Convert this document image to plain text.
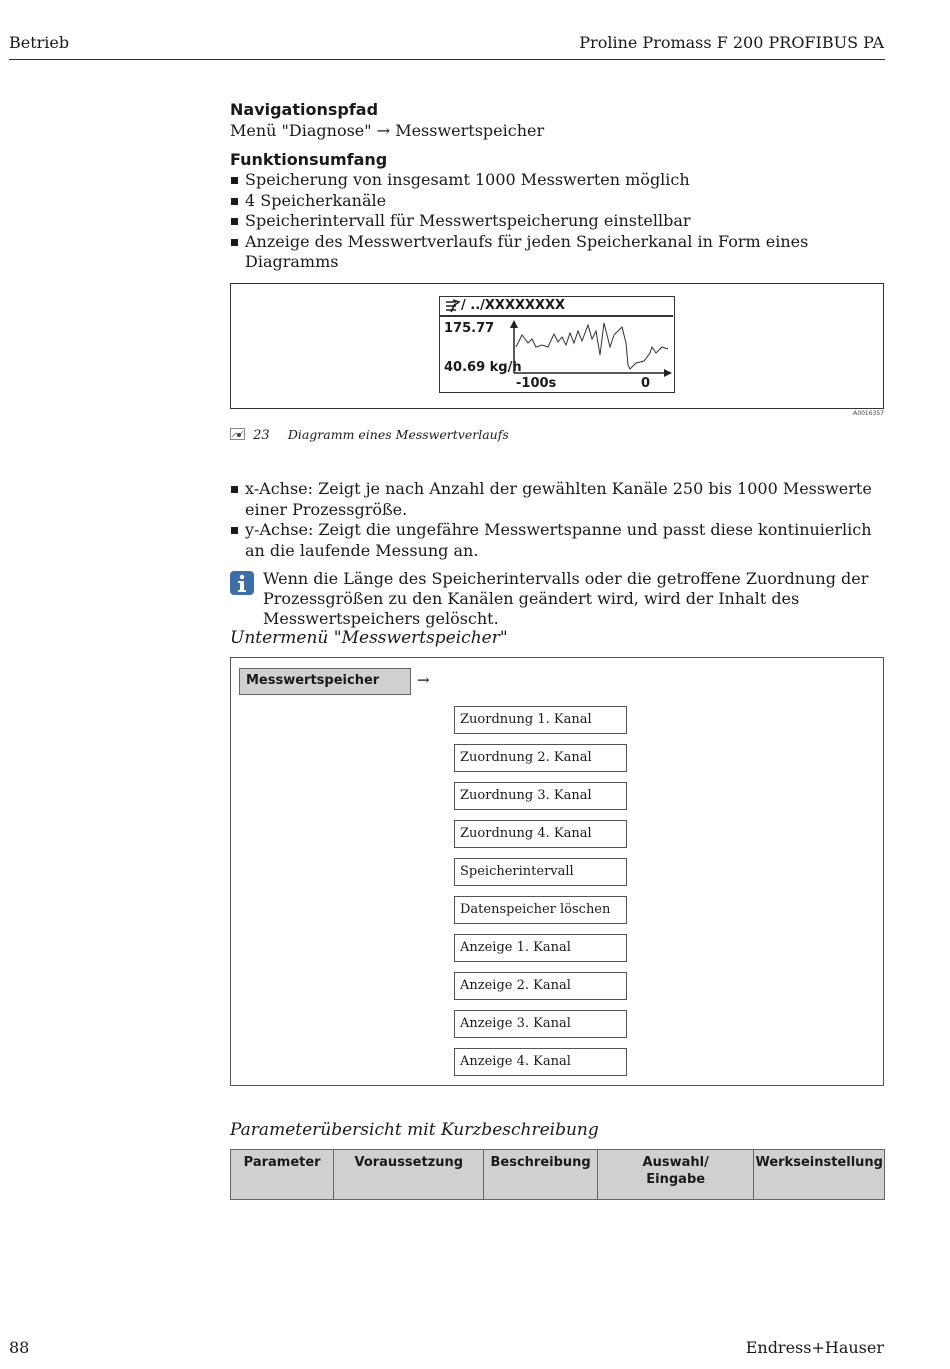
Betrieb	Proline Promass F 200 PROFIBUS PA
Navigationspfad
Menü "Diagnose" → Messwertspeicher
Funktionsumfang
Speicherung von insgesamt 1000 Messwerten möglich
4 Speicherkanäle
Speicherintervall für Messwertspeicherung einstellbar
Anzeige des Messwertverlaufs für jeden Speicherkanal in Form eines Diagramms
/ ../XXXXXXXX
175.77
40.69 kg/h
-100s	0
A0016357
23 Diagramm eines Messwertverlaufs
x-Achse: Zeigt je nach Anzahl der gewählten Kanäle 250 bis 1000 Messwerte einer Prozessgröße.
y-Achse: Zeigt die ungefähre Messwertspanne und passt diese kontinuierlich an die laufende Messung an.
Wenn die Länge des Speicherintervalls oder die getroffene Zuordnung der Prozessgrößen zu den Kanälen geändert wird, wird der Inhalt des Messwertspeichers gelöscht.
Untermenü "Messwertspeicher"
Messwertspeicher	→
Zuordnung 1. Kanal
Zuordnung 2. Kanal
Zuordnung 3. Kanal
Zuordnung 4. Kanal
Speicherintervall
Datenspeicher löschen
Anzeige 1. Kanal
Anzeige 2. Kanal
Anzeige 3. Kanal
Anzeige 4. Kanal
Parameterübersicht mit Kurzbeschreibung
Parameter	Voraussetzung	Beschreibung	Auswahl/ Eingabe	Werkseinstellung
88	Endress+Hauser
